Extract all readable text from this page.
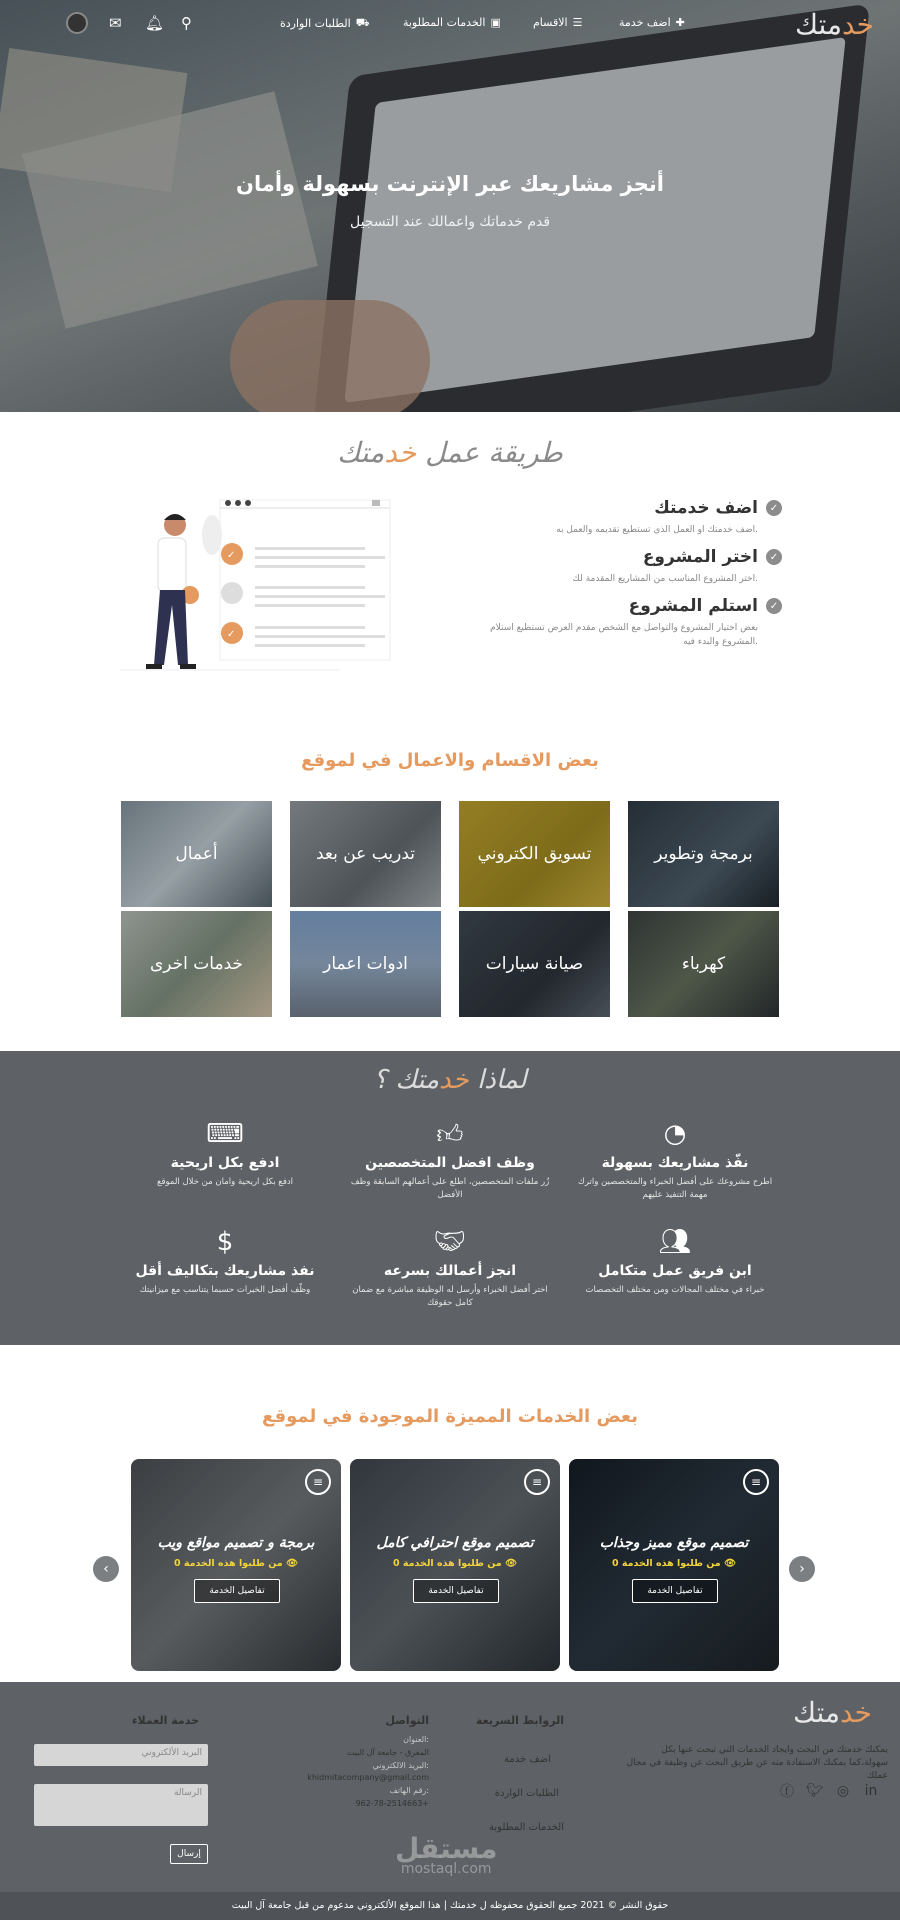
أنجز مشاريعك عبر الإنترنت بسهولة وأمان
قدم خدماتك واعمالك عند التسجيل
خدمتك
اضف خدمة ✚
الاقسام ☰
الخدمات المطلوبة ▣
الطلبات الواردة ⛟
⚲
🔔︎
✉
طريقة عمل خدمتك
اضف خدمتك	✓

اضف خدمتك او العمل الذي تستطيع تقديمه والعمل به.

اختر المشروع	✓

اختر المشروع المناسب من المشاريع المقدمة لك.

استلم المشروع	✓

بعض اختيار المشروع والتواصل مع الشخص مقدم العرض تستطيع استلام المشروع والبدء فيه.

✓
✓
بعض الاقسام والاعمال في لموقع
برمجة وتطوير
تسويق الكتروني
تدريب عن بعد
أعمال
كهرباء
صيانة سيارات
ادوات اعمار
خدمات اخرى
لماذا خدمتك ؟
◔
نفّذ مشاريعك بسهولة

اطرح مشروعك على أفضل الخبراء والمتخصصين واترك مهمة التنفيذ عليهم

👍︎
وظف افضل المتخصصين

زُر ملفات المتخصصين، اطلع على أعمالهم السابقة وظف الأفضل

⌨
ادفع بكل اريحية

ادفع بكل اريحية وامان من خلال الموقع

👥︎
ابن فريق عمل متكامل

خبراء في مختلف المجالات ومن مختلف التخصصات

🤝︎
انجز أعمالك بسرعه

اختر أفضل الخبراء وأرسل له الوظيفة مباشرة مع ضمان كامل حقوقك

$
نفذ مشاريعك بتكاليف أقل

وظّف أفضل الخبرات حسبما يتناسب مع ميزانيتك

بعض الخدمات المميزة الموجودة في لموقع
›
‹
≡
تصميم موقع مميز وجذاب
0 من طلبوا هذه الخدمة 👁︎
تفاصيل الخدمة
≡
تصميم موقع احترافي كامل
0 من طلبوا هذه الخدمة 👁︎
تفاصيل الخدمة
≡
برمجة و تصميم مواقع ويب
0 من طلبوا هذه الخدمة 👁︎
تفاصيل الخدمة
خدمتك
يمكنك خدمتك من البحث وايجاد الخدمات التي تبحث عنها بكل سهولة،كما يمكنك الاستفادة منه عن طريق البحث عن وظيفة في مجال عملك
ⓕ 🐦︎ ◎ in
الروابط السريعة
اضف خدمة
الطلبات الواردة
الخدمات المطلوبة
التواصل
العنوان:
المفرق - جامعة آل البيت
البريد الالكتروني:
khidmitacompany@gmail.com
رقم الهاتف:
962-78-2514663+
خدمة العملاء
البريد الألكتروني
الرسالة
إرسال	مستقل
mostaql.com
حقوق النشر © 2021 جميع الحقوق محفوظه ل خدمتك | هذا الموقع الألكتروني مدعوم من قبل جامعة آل البيت
